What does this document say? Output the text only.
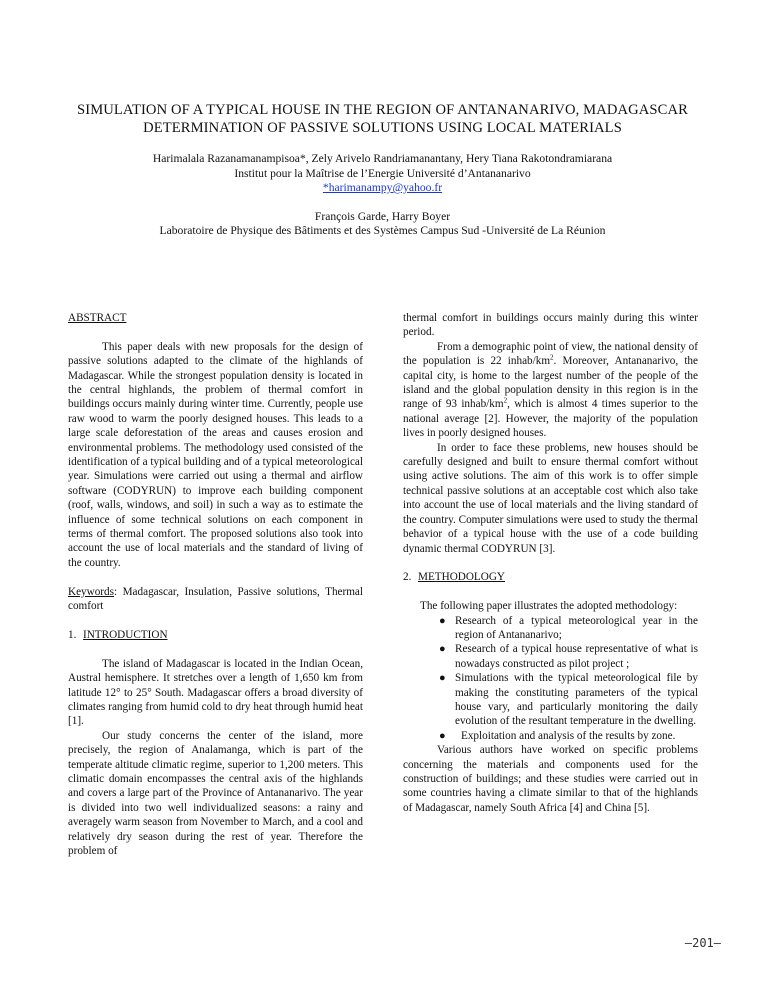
SIMULATION OF A TYPICAL HOUSE IN THE REGION OF ANTANANARIVO, MADAGASCAR
DETERMINATION OF PASSIVE SOLUTIONS USING LOCAL MATERIALS
Harimalala Razanamanampisoa*, Zely Arivelo Randriamanantany, Hery Tiana Rakotondramiarana
Institut pour la Maîtrise de l’Energie Université d’Antananarivo
*harimanampy@yahoo.fr
François Garde, Harry Boyer
Laboratoire de Physique des Bâtiments et des Systèmes Campus Sud -Université de La Réunion

ABSTRACT

This paper deals with new proposals for the design of passive solutions adapted to the climate of the highlands of Madagascar. While the strongest population density is located in the central highlands, the problem of thermal comfort in buildings occurs mainly during winter time. Currently, people use raw wood to warm the poorly designed houses. This leads to a large scale deforestation of the areas and causes erosion and environmental problems. The methodology used consisted of the identification of a typical building and of a typical meteorological year. Simulations were carried out using a thermal and airflow software (CODYRUN) to improve each building component (roof, walls, windows, and soil) in such a way as to estimate the influence of some technical solutions on each component in terms of thermal comfort. The proposed solutions also took into account the use of local materials and the standard of living of the country.

Keywords: Madagascar, Insulation, Passive solutions, Thermal comfort

1. INTRODUCTION

The island of Madagascar is located in the Indian Ocean, Austral hemisphere. It stretches over a length of 1,650 km from latitude 12° to 25° South. Madagascar offers a broad diversity of climates ranging from humid cold to dry heat through humid heat [1].

Our study concerns the center of the island, more precisely, the region of Analamanga, which is part of the temperate altitude climatic regime, superior to 1,200 meters. This climatic domain encompasses the central axis of the highlands and covers a large part of the Province of Antananarivo. The year is divided into two well individualized seasons: a rainy and averagely warm season from November to March, and a cool and relatively dry season during the rest of year. Therefore the problem of

thermal comfort in buildings occurs mainly during this winter period.

From a demographic point of view, the national density of the population is 22 inhab/$km^2$. Moreover, Antananarivo, the capital city, is home to the largest number of the people of the island and the global population density in this region is in the range of 93 inhab/$km^2$, which is almost 4 times superior to the national average [2]. However, the majority of the population lives in poorly designed houses.

In order to face these problems, new houses should be carefully designed and built to ensure thermal comfort without using active solutions. The aim of this work is to offer simple technical passive solutions at an acceptable cost which also take into account the use of local materials and the living standard of the country. Computer simulations were used to study the thermal behavior of a typical house with the use of a code building dynamic thermal CODYRUN [3].

2. METHODOLOGY

The following paper illustrates the adopted methodology:

● Research of a typical meteorological year in the region of Antananarivo;
● Research of a typical house representative of what is nowadays constructed as pilot project ;
● Simulations with the typical meteorological file by making the constituting parameters of the typical house vary, and particularly monitoring the daily evolution of the resultant temperature in the dwelling.
● Exploitation and analysis of the results by zone.

Various authors have worked on specific problems concerning the materials and components used for the construction of buildings; and these studies were carried out in some countries having a climate similar to that of the highlands of Madagascar, namely South Africa [4] and China [5].

–201–
